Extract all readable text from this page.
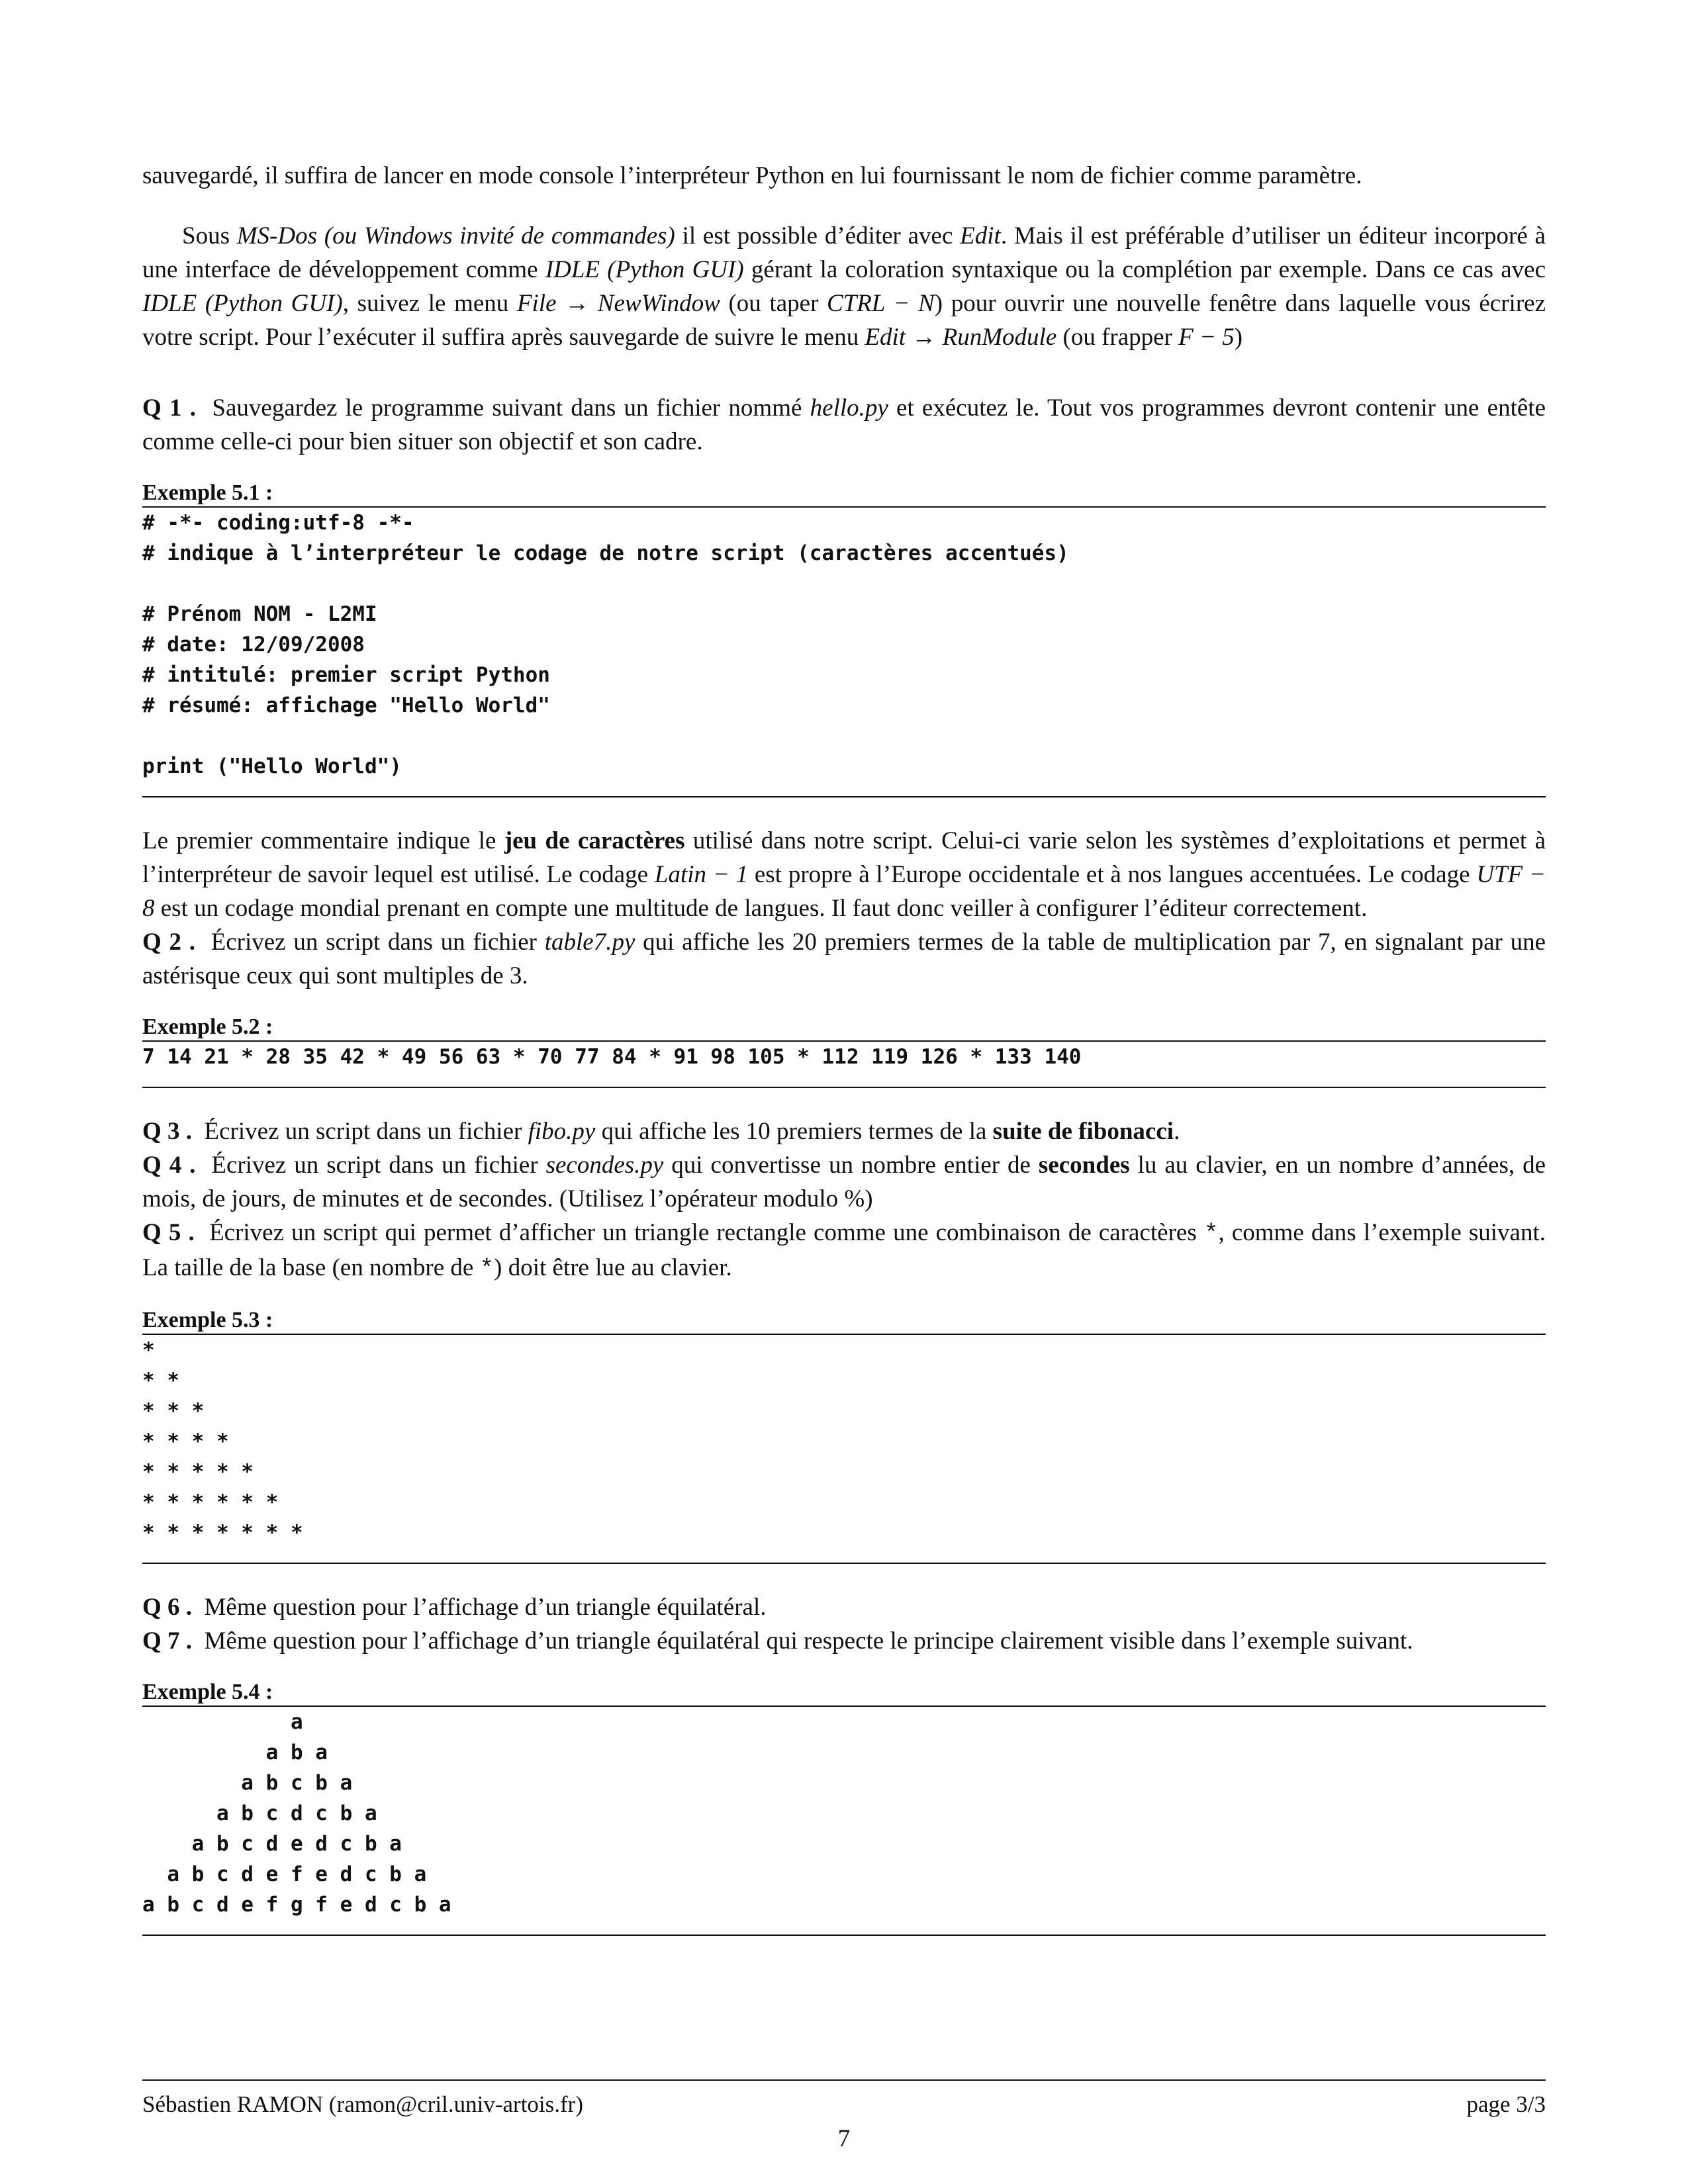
sauvegardé, il suffira de lancer en mode console l’interpréteur Python en lui fournissant le nom de fichier comme paramètre.

Sous MS-Dos (ou Windows invité de commandes) il est possible d’éditer avec Edit. Mais il est préférable d’utiliser un éditeur incorporé à une interface de développement comme IDLE (Python GUI) gérant la coloration syntaxique ou la complétion par exemple. Dans ce cas avec IDLE (Python GUI), suivez le menu File → NewWindow (ou taper CTRL − N) pour ouvrir une nouvelle fenêtre dans laquelle vous écrirez votre script. Pour l’exécuter il suffira après sauvegarde de suivre le menu Edit → RunModule (ou frapper F − 5)

Q 1 . Sauvegardez le programme suivant dans un fichier nommé hello.py et exécutez le. Tout vos programmes devront contenir une entête comme celle-ci pour bien situer son objectif et son cadre.

Exemple 5.1 :
# -*- coding:utf-8 -*-
# indique à l’interpréteur le codage de notre script (caractères accentués)

# Prénom NOM - L2MI
# date: 12/09/2008
# intitulé: premier script Python
# résumé: affichage "Hello World"

print ("Hello World")

Le premier commentaire indique le jeu de caractères utilisé dans notre script. Celui-ci varie selon les systèmes d’exploitations et permet à l’interpréteur de savoir lequel est utilisé. Le codage Latin − 1 est propre à l’Europe occidentale et à nos langues accentuées. Le codage UTF − 8 est un codage mondial prenant en compte une multitude de langues. Il faut donc veiller à configurer l’éditeur correctement.

Q 2 . Écrivez un script dans un fichier table7.py qui affiche les 20 premiers termes de la table de multiplication par 7, en signalant par une astérisque ceux qui sont multiples de 3.

Exemple 5.2 :
7 14 21 * 28 35 42 * 49 56 63 * 70 77 84 * 91 98 105 * 112 119 126 * 133 140

Q 3 . Écrivez un script dans un fichier fibo.py qui affiche les 10 premiers termes de la suite de fibonacci.

Q 4 . Écrivez un script dans un fichier secondes.py qui convertisse un nombre entier de secondes lu au clavier, en un nombre d’années, de mois, de jours, de minutes et de secondes. (Utilisez l’opérateur modulo %)

Q 5 . Écrivez un script qui permet d’afficher un triangle rectangle comme une combinaison de caractères *, comme dans l’exemple suivant. La taille de la base (en nombre de *) doit être lue au clavier.

Exemple 5.3 :
*
* *
* * *
* * * *
* * * * *
* * * * * *
* * * * * * *

Q 6 . Même question pour l’affichage d’un triangle équilatéral.

Q 7 . Même question pour l’affichage d’un triangle équilatéral qui respecte le principe clairement visible dans l’exemple suivant.

Exemple 5.4 :
a
a b a
a b c b a
a b c d c b a
a b c d e d c b a
a b c d e f e d c b a
a b c d e f g f e d c b a
Sébastien RAMON (ramon@cril.univ-artois.fr)	page 3/3
7
